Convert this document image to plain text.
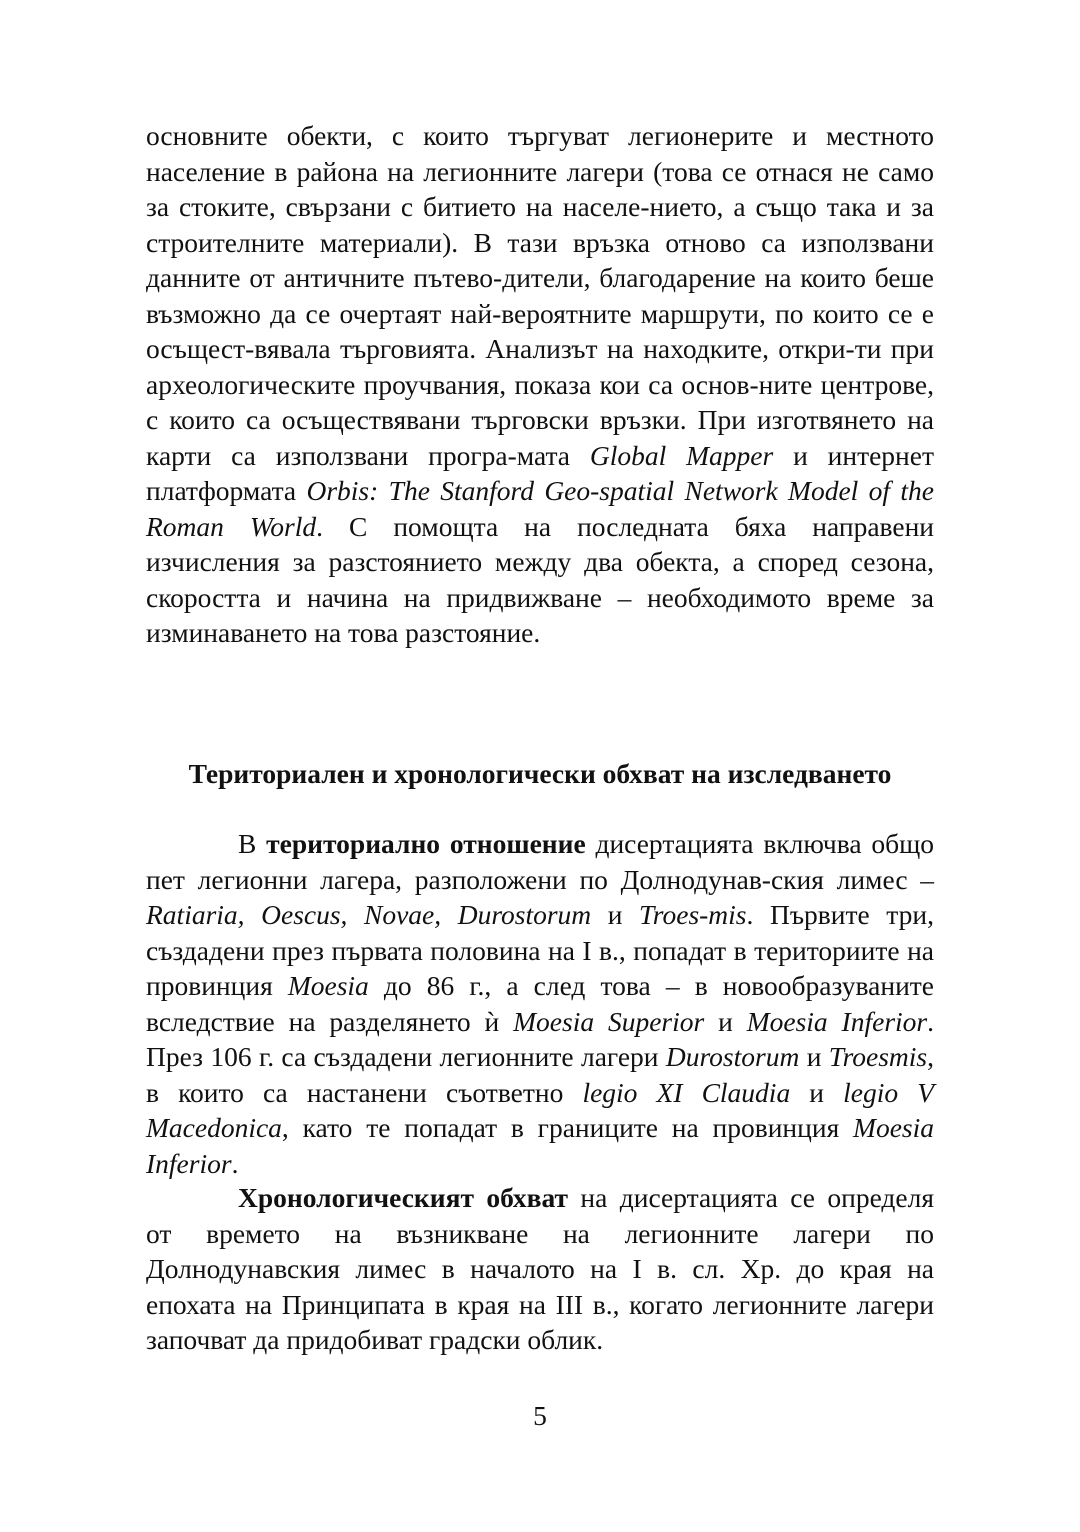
основните обекти, с които търгуват легионерите и местното население в района на легионните лагери (това се отнася не само за стоките, свързани с битието на населе-нието, а също така и за строителните материали). В тази връзка отново са използвани данните от античните пътево-дители, благодарение на които беше възможно да се очертаят най-вероятните маршрути, по които се е осъщест-вявала търговията. Анализът на находките, откри-ти при археологическите проучвания, показа кои са основ-ните центрове, с които са осъществявани търговски връзки. При изготвянето на карти са използвани програ-мата Global Mapper и интернет платформата Orbis: The Stanford Geo-spatial Network Model of the Roman World. С помощта на последната бяха направени изчисления за разстоянието между два обекта, а според сезона, скоростта и начина на придвижване – необходимото време за изминаването на това разстояние.

Териториален и хронологически обхват на изследването

В териториално отношение дисертацията включва общо пет легионни лагера, разположени по Долнодунав-ския лимес – Ratiaria, Oescus, Novae, Durostorum и Troes-mis. Първите три, създадени през първата половина на I в., попадат в териториите на провинция Moesia до 86 г., а след това – в новообразуваните вследствие на разделянето ѝ Moesia Superior и Moesia Inferior. През 106 г. са създадени легионните лагери Durostorum и Troesmis, в които са настанени съответно legio XI Claudia и legio V Macedonica, като те попадат в границите на провинция Moesia Inferior.

Хронологическият обхват на дисертацията се определя от времето на възникване на легионните лагери по Долнодунавския лимес в началото на I в. сл. Хр. до края на епохата на Принципата в края на III в., когато легионните лагери започват да придобиват градски облик.

5
